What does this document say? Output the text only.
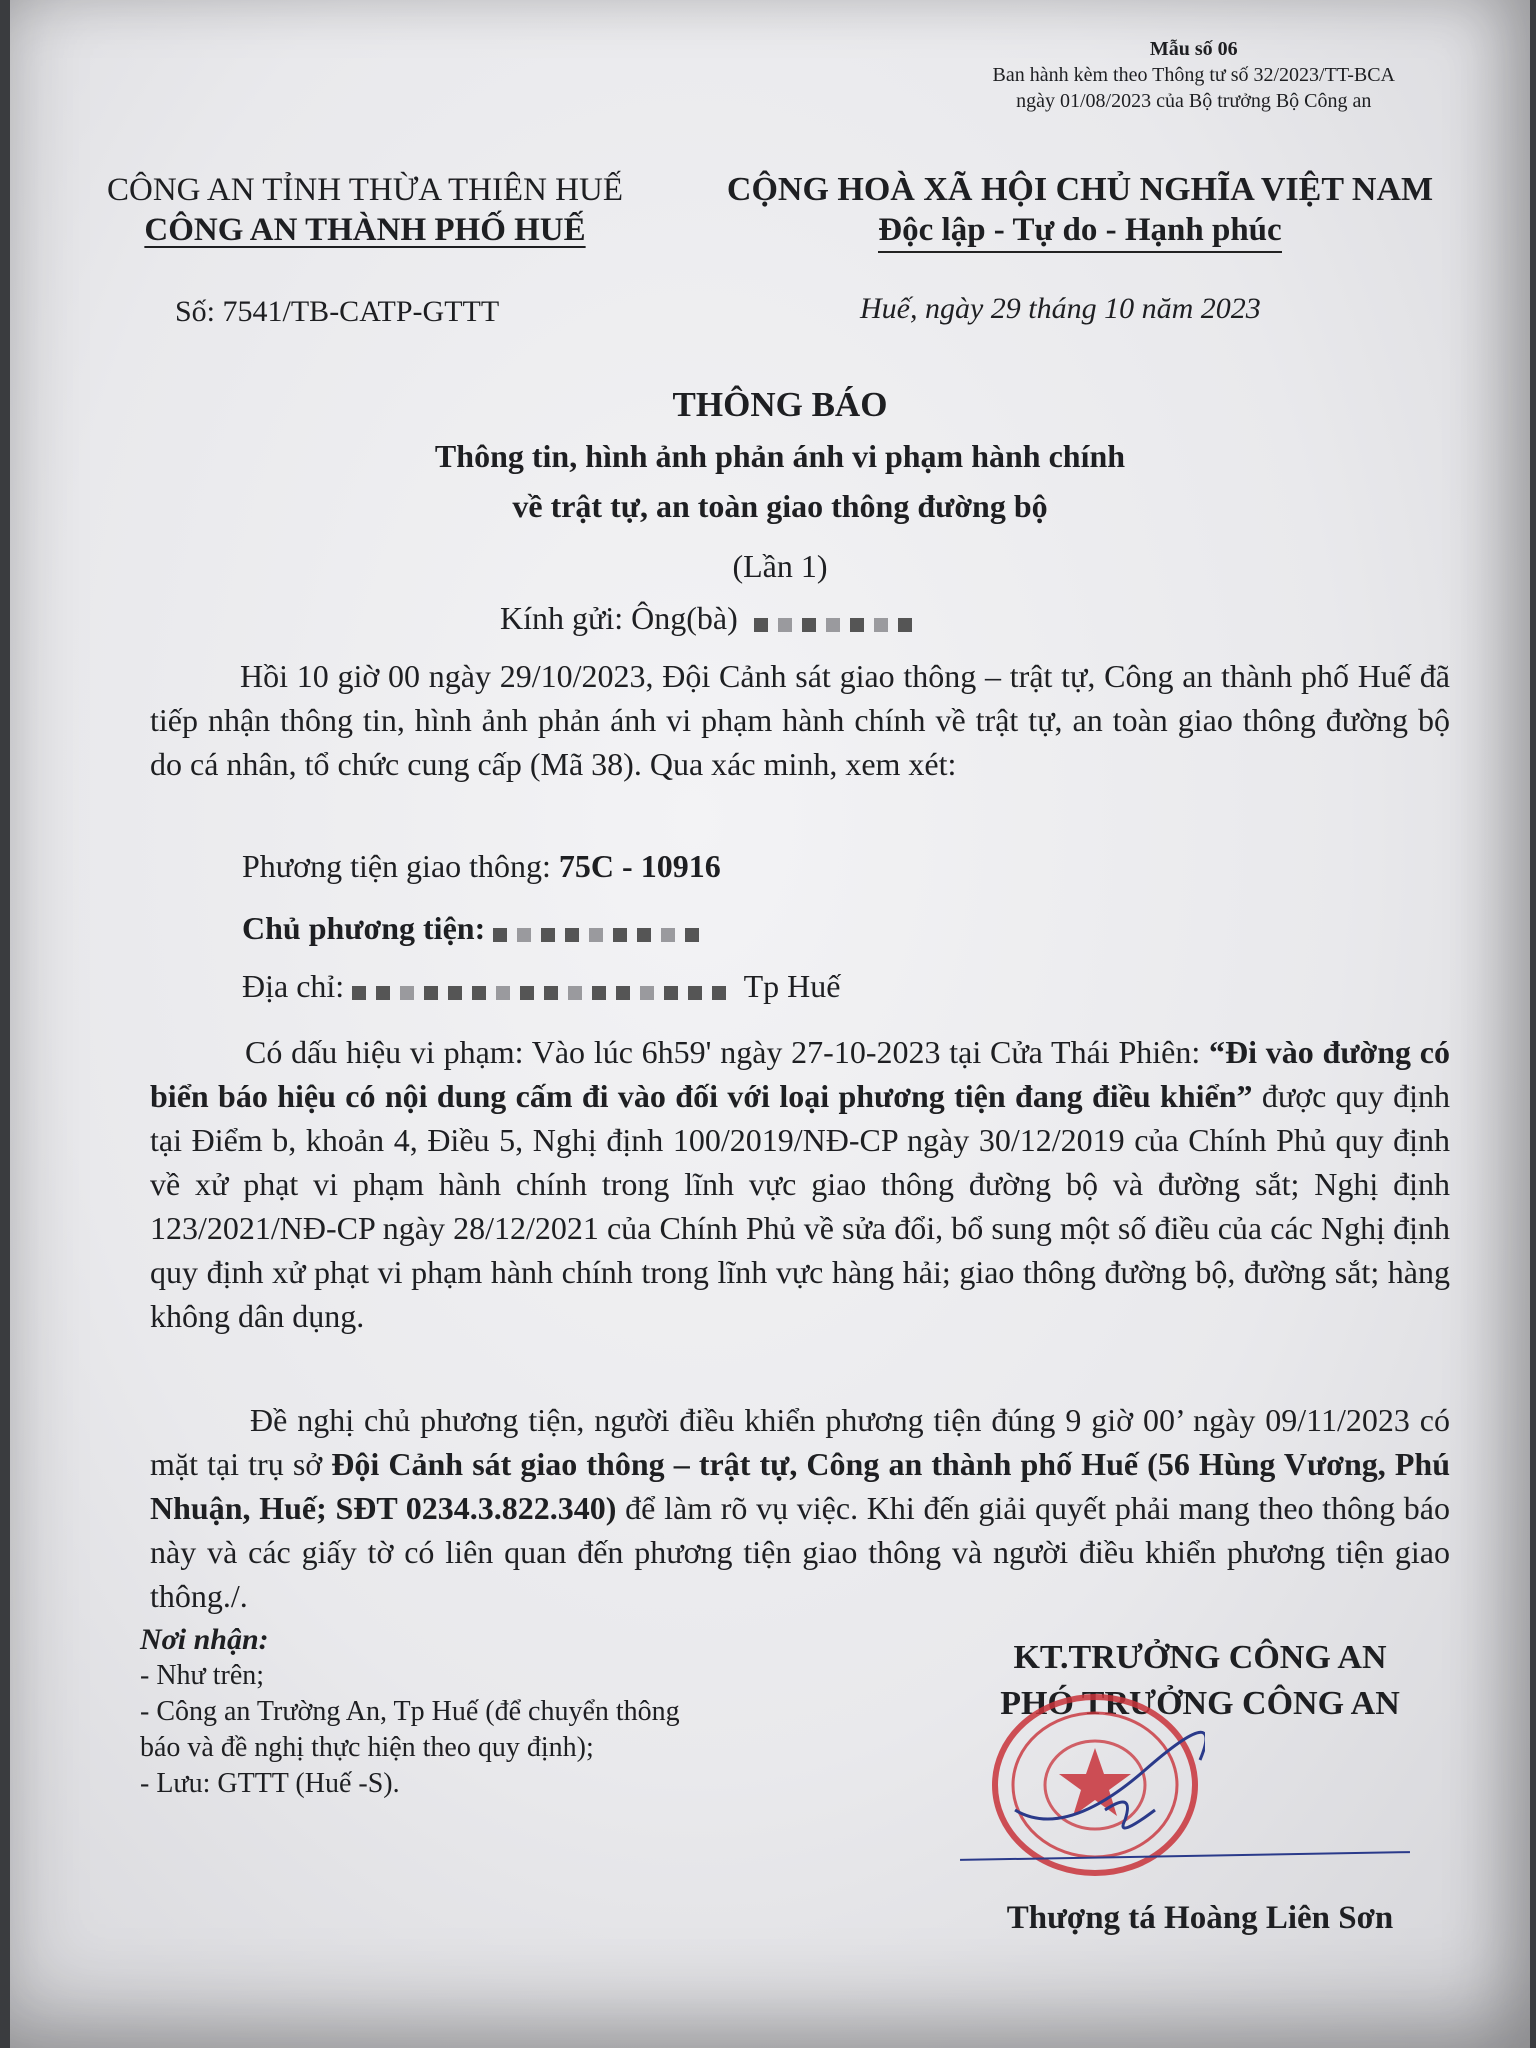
Mẫu số 06
Ban hành kèm theo Thông tư số 32/2023/TT-BCA
ngày 01/08/2023 của Bộ trưởng Bộ Công an
CÔNG AN TỈNH THỪA THIÊN HUẾ
CÔNG AN THÀNH PHỐ HUẾ
CỘNG HOÀ XÃ HỘI CHỦ NGHĨA VIỆT NAM
Độc lập - Tự do - Hạnh phúc
Số: 7541/TB-CATP-GTTT	Huế, ngày 29 tháng 10 năm 2023
THÔNG BÁO
Thông tin, hình ảnh phản ánh vi phạm hành chính
về trật tự, an toàn giao thông đường bộ
(Lần 1)
Kính gửi: Ông(bà)
Hồi 10 giờ 00 ngày 29/10/2023, Đội Cảnh sát giao thông – trật tự, Công an thành phố Huế đã tiếp nhận thông tin, hình ảnh phản ánh vi phạm hành chính về trật tự, an toàn giao thông đường bộ do cá nhân, tổ chức cung cấp (Mã 38). Qua xác minh, xem xét:
Phương tiện giao thông: 75C - 10916
Chủ phương tiện:
Địa chỉ:	Tp Huế
Có dấu hiệu vi phạm: Vào lúc 6h59' ngày 27-10-2023 tại Cửa Thái Phiên: “Đi vào đường có biển báo hiệu có nội dung cấm đi vào đối với loại phương tiện đang điều khiển” được quy định tại Điểm b, khoản 4, Điều 5, Nghị định 100/2019/NĐ-CP ngày 30/12/2019 của Chính Phủ quy định về xử phạt vi phạm hành chính trong lĩnh vực giao thông đường bộ và đường sắt; Nghị định 123/2021/NĐ-CP ngày 28/12/2021 của Chính Phủ về sửa đổi, bổ sung một số điều của các Nghị định quy định xử phạt vi phạm hành chính trong lĩnh vực hàng hải; giao thông đường bộ, đường sắt; hàng không dân dụng.
Đề nghị chủ phương tiện, người điều khiển phương tiện đúng 9 giờ 00’ ngày 09/11/2023 có mặt tại trụ sở Đội Cảnh sát giao thông – trật tự, Công an thành phố Huế (56 Hùng Vương, Phú Nhuận, Huế; SĐT 0234.3.822.340) để làm rõ vụ việc. Khi đến giải quyết phải mang theo thông báo này và các giấy tờ có liên quan đến phương tiện giao thông và người điều khiển phương tiện giao thông./.
Nơi nhận:
- Như trên;
- Công an Trường An, Tp Huế (để chuyển thông
báo và đề nghị thực hiện theo quy định);
- Lưu: GTTT (Huế -S).
KT.TRƯỞNG CÔNG AN
PHÓ TRƯỞNG CÔNG AN
Thượng tá Hoàng Liên Sơn
